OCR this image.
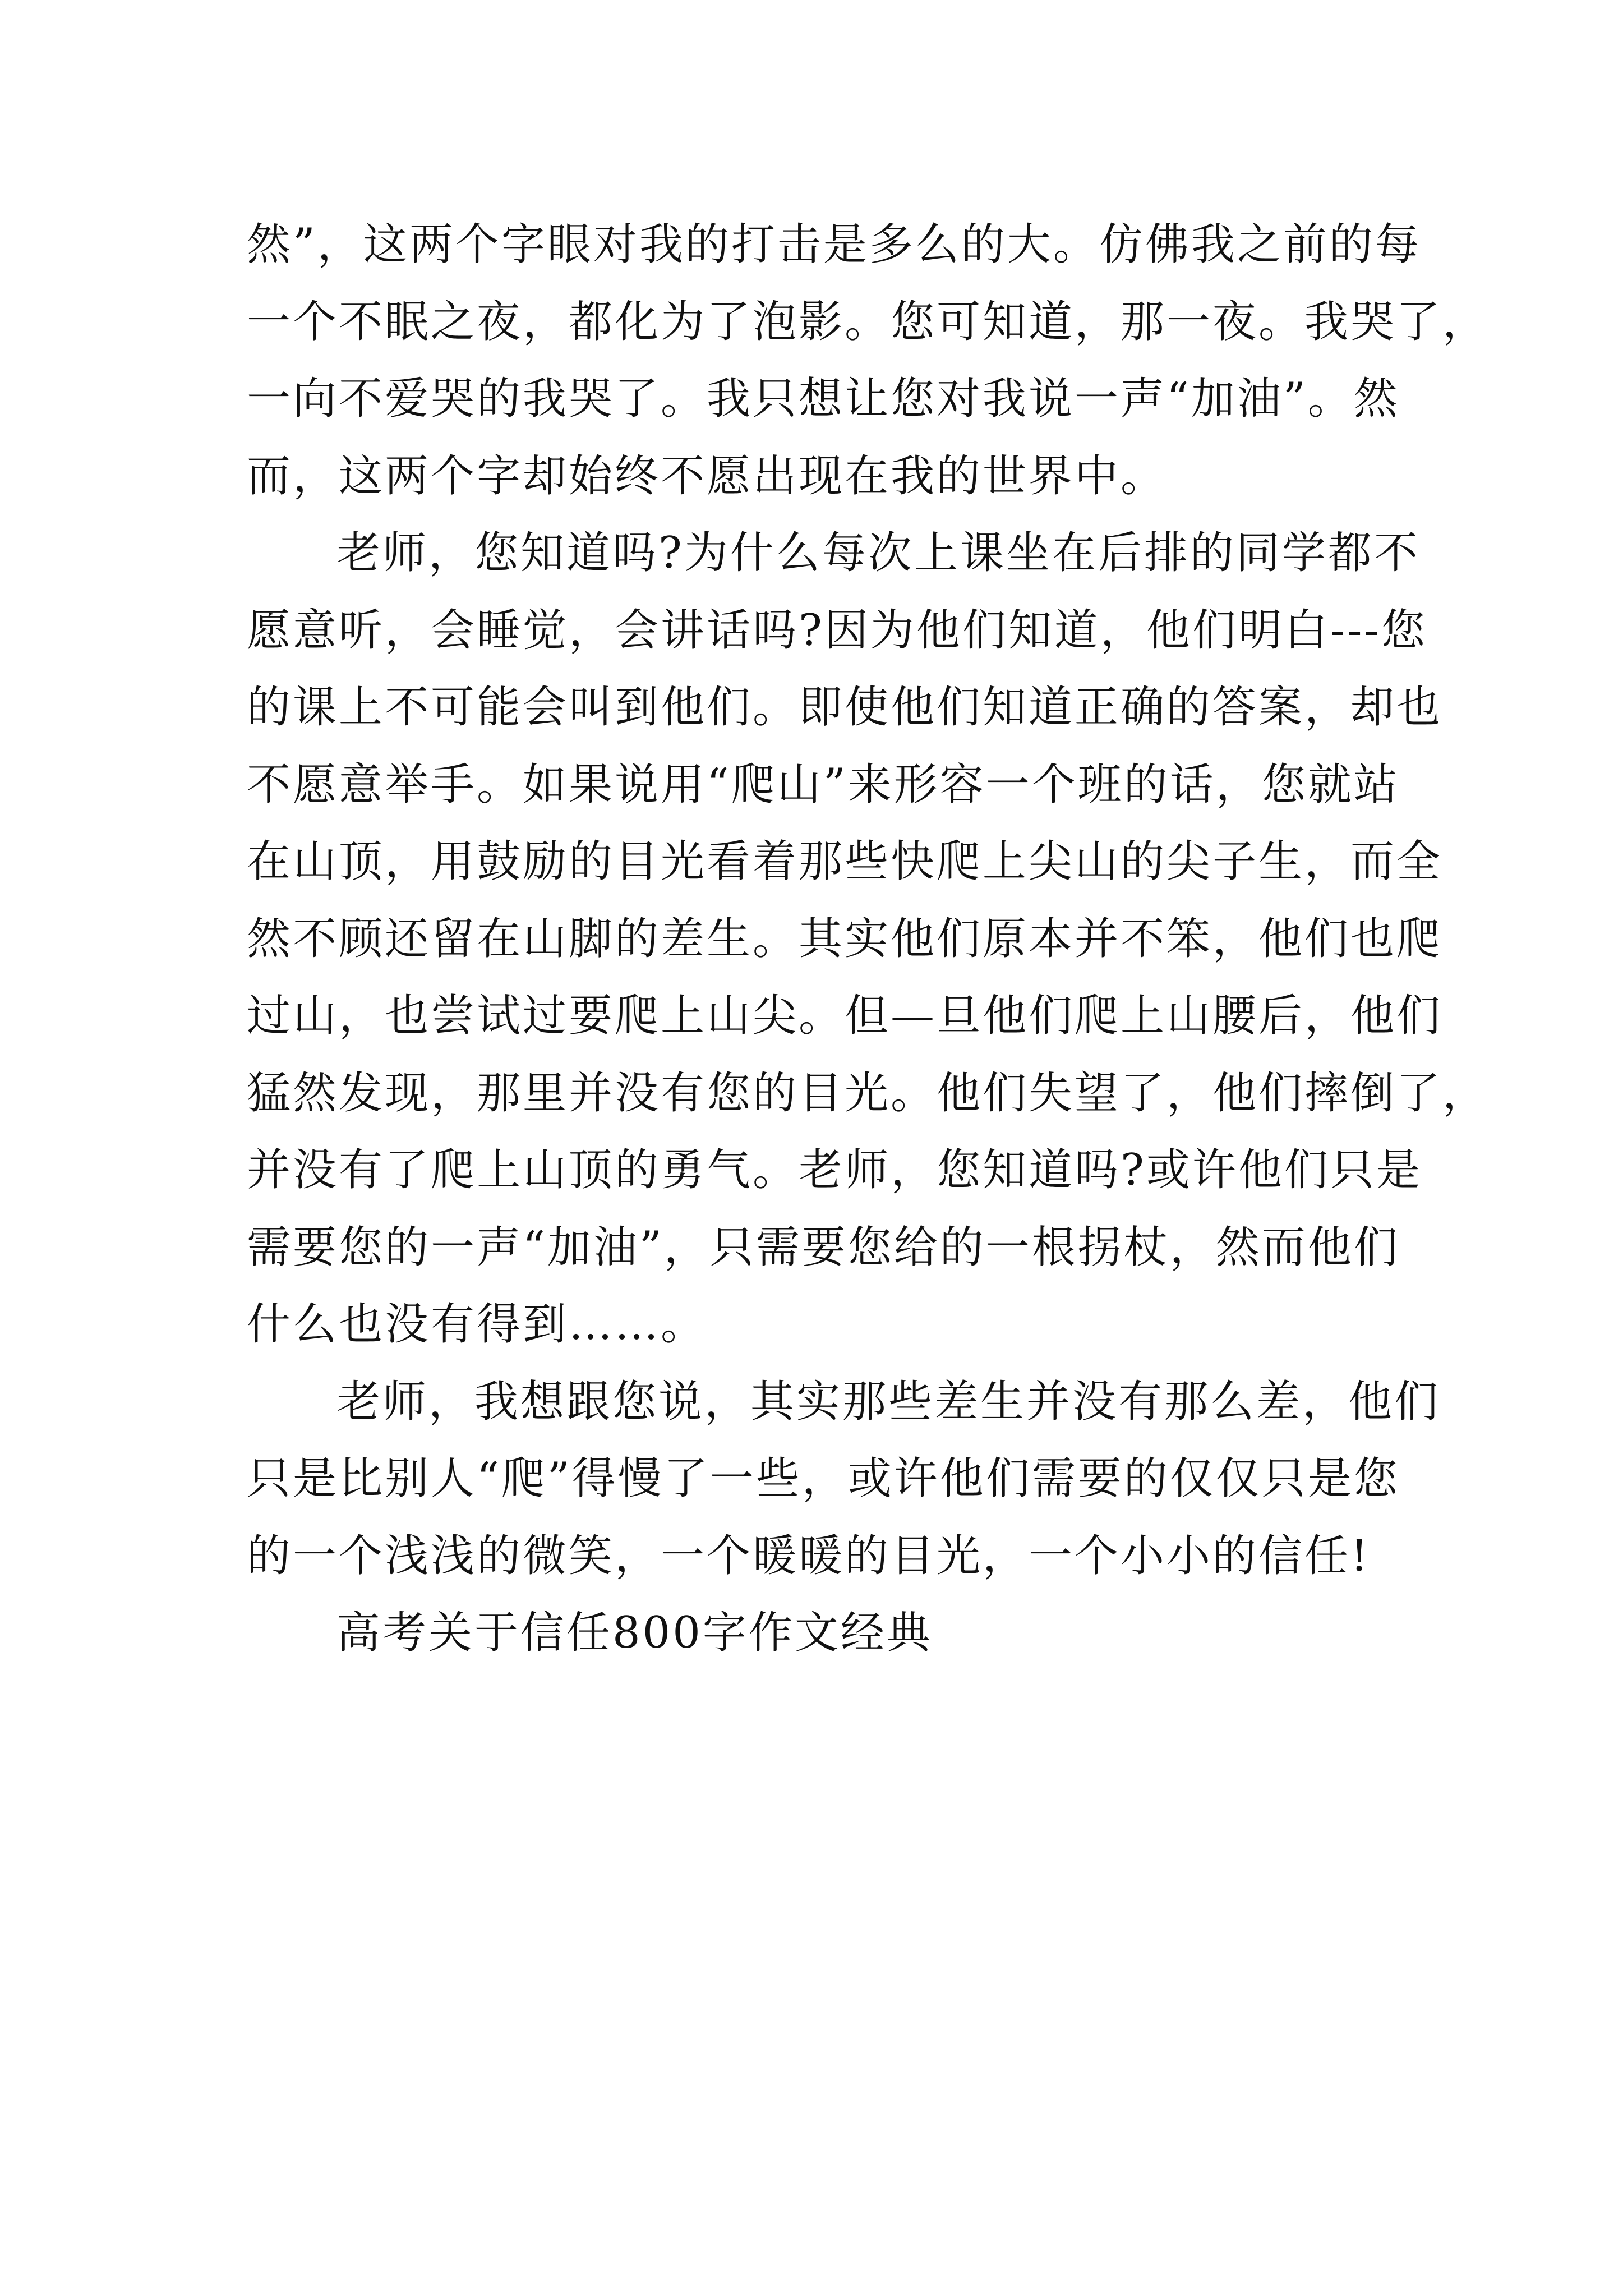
然”，这两个字眼对我的打击是多么的大。仿佛我之前的每
一个不眠之夜，都化为了泡影。您可知道，那一夜。我哭了，
一向不爱哭的我哭了。我只想让您对我说一声“加油”。然
而，这两个字却始终不愿出现在我的世界中。
老师，您知道吗?为什么每次上课坐在后排的同学都不
愿意听，会睡觉，会讲话吗?因为他们知道，他们明白---您
的课上不可能会叫到他们。即使他们知道正确的答案，却也
不愿意举手。如果说用“爬山”来形容一个班的话，您就站
在山顶，用鼓励的目光看着那些快爬上尖山的尖子生，而全
然不顾还留在山脚的差生。其实他们原本并不笨，他们也爬
过山，也尝试过要爬上山尖。但—旦他们爬上山腰后，他们
猛然发现，那里并没有您的目光。他们失望了，他们摔倒了，
并没有了爬上山顶的勇气。老师，您知道吗?或许他们只是
需要您的一声“加油”，只需要您给的一根拐杖，然而他们
什么也没有得到……。
老师，我想跟您说，其实那些差生并没有那么差，他们
只是比别人“爬”得慢了一些，或许他们需要的仅仅只是您
的一个浅浅的微笑，一个暖暖的目光，一个小小的信任!
高考关于信任800字作文经典
